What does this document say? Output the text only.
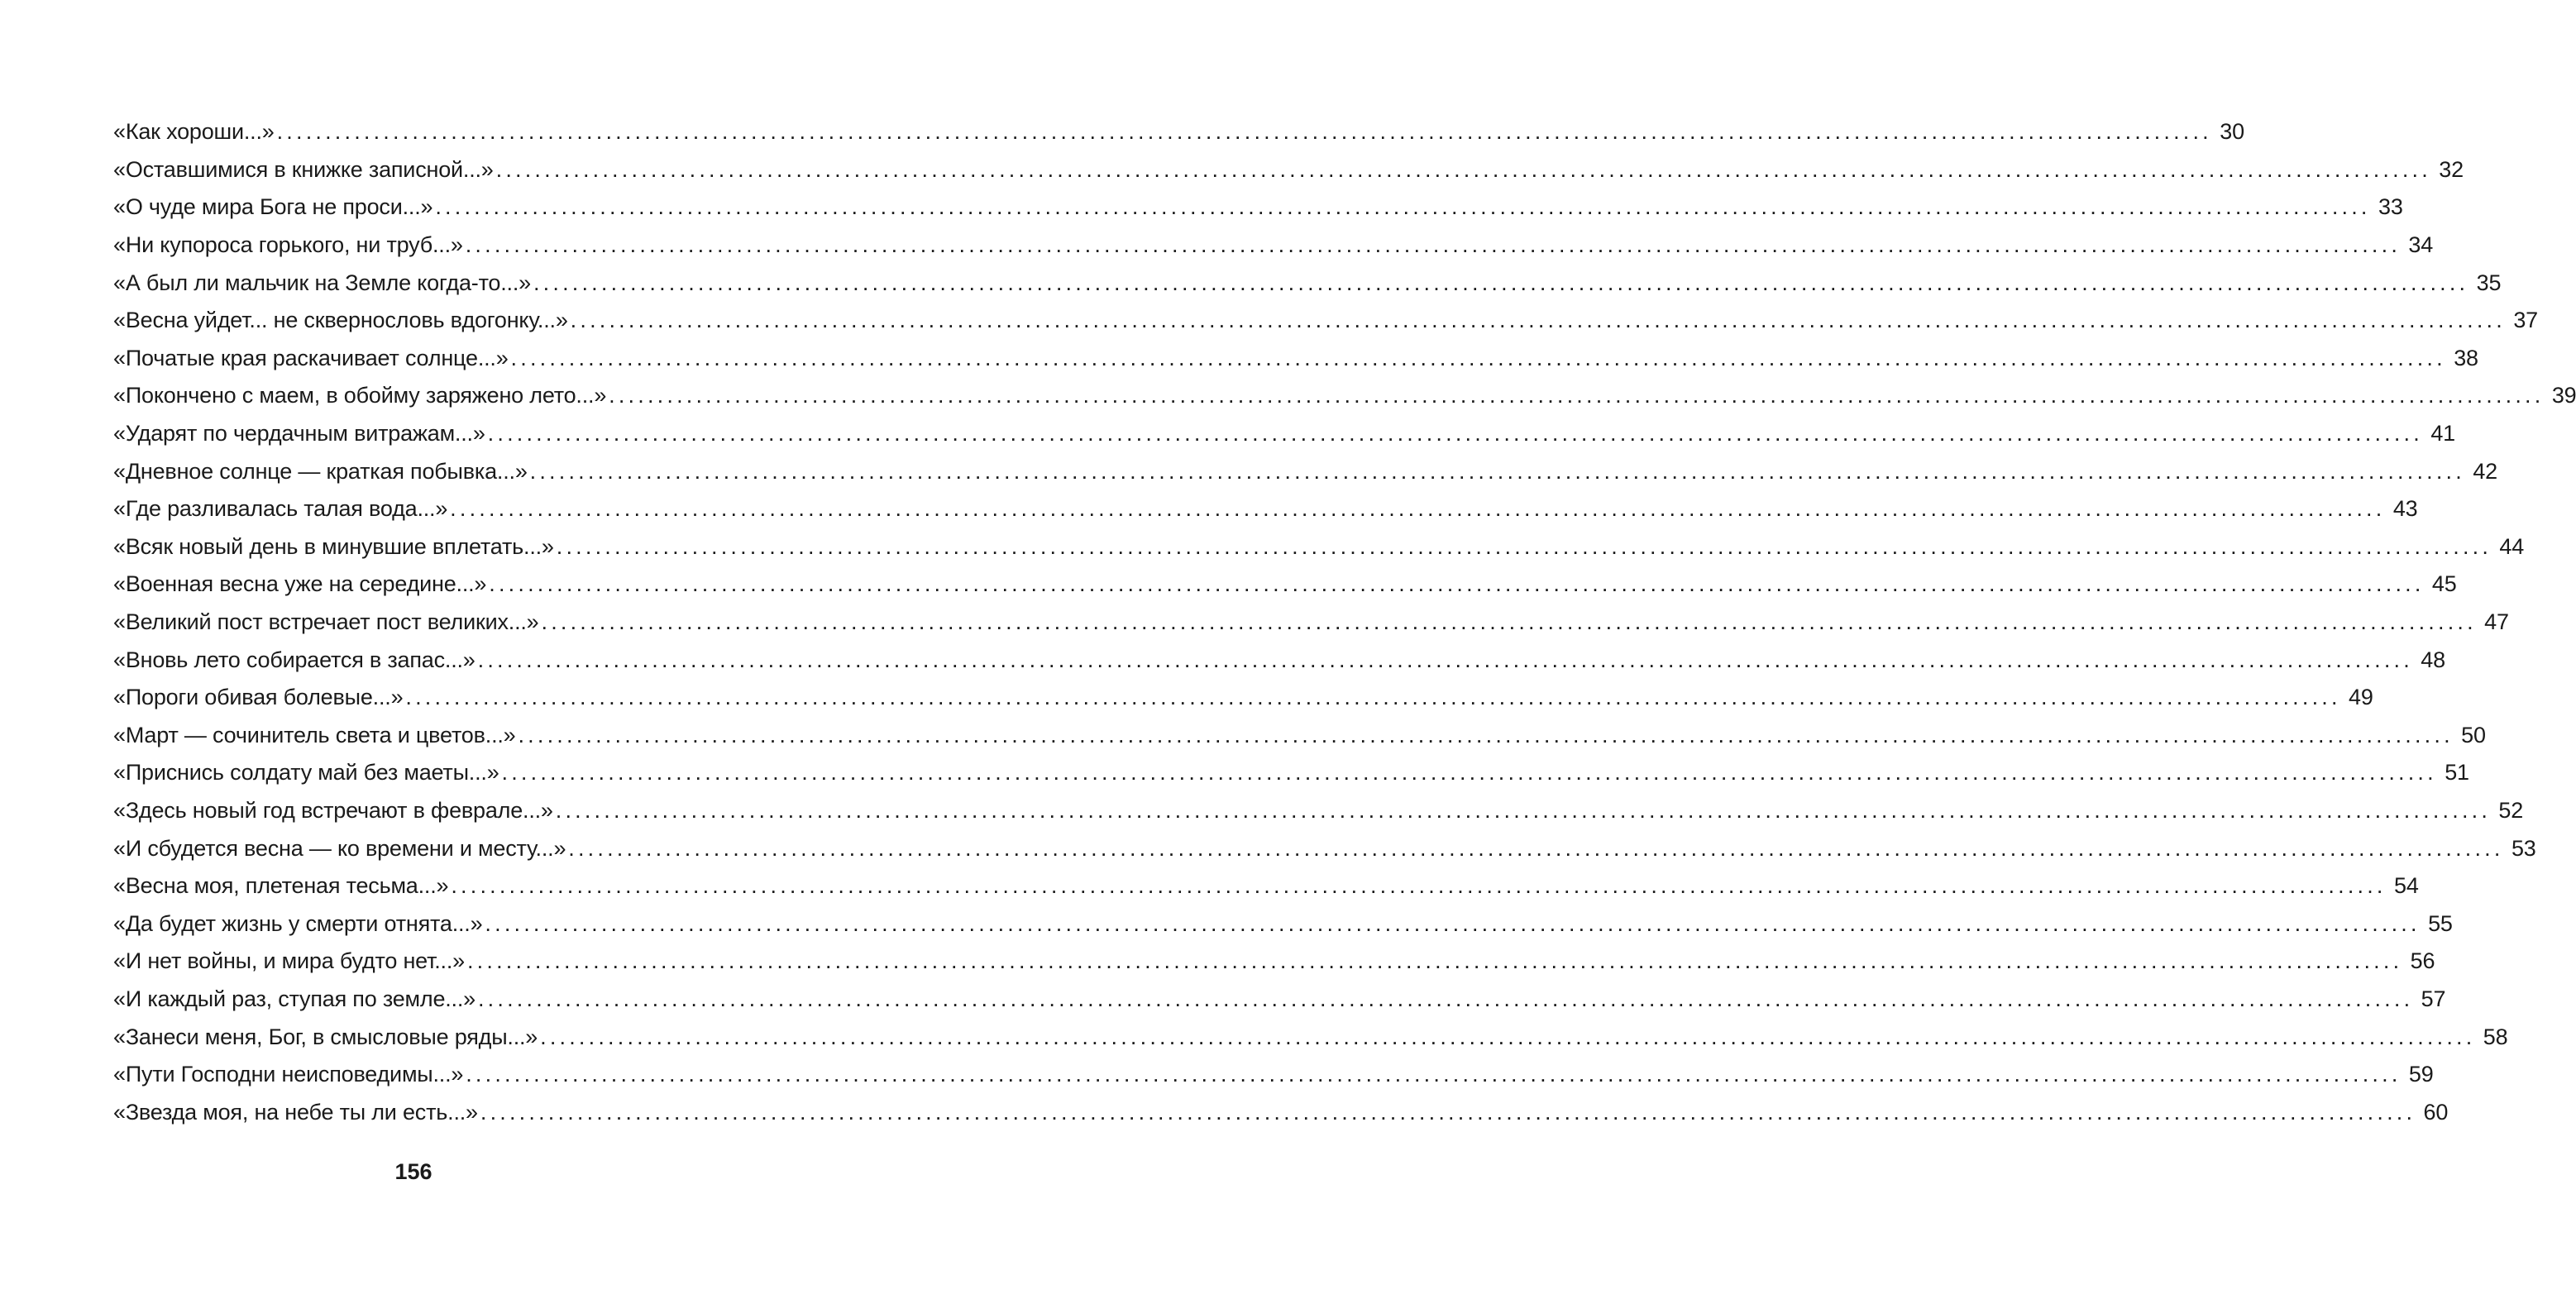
«Как хороши...» ........................................................................................................................................................................................................ 30
«Оставшимися в книжке записной...» ........................................................................................................................................................................................................ 32
«О чуде мира Бога не проси...» ........................................................................................................................................................................................................ 33
«Ни купороса горького, ни труб...» ........................................................................................................................................................................................................ 34
«А был ли мальчик на Земле когда-то...» ........................................................................................................................................................................................................ 35
«Весна уйдет... не сквернословь вдогонку...» ........................................................................................................................................................................................................ 37
«Початые края раскачивает солнце...» ........................................................................................................................................................................................................ 38
«Покончено с маем, в обойму заряжено лето...» ........................................................................................................................................................................................................ 39
«Ударят по чердачным витражам...» ........................................................................................................................................................................................................ 41
«Дневное солнце — краткая побывка...» ........................................................................................................................................................................................................ 42
«Где разливалась талая вода...» ........................................................................................................................................................................................................ 43
«Всяк новый день в минувшие вплетать...» ........................................................................................................................................................................................................ 44
«Военная весна уже на середине...» ........................................................................................................................................................................................................ 45
«Великий пост встречает пост великих...» ........................................................................................................................................................................................................ 47
«Вновь лето собирается в запас...» ........................................................................................................................................................................................................ 48
«Пороги обивая болевые...» ........................................................................................................................................................................................................ 49
«Март — сочинитель света и цветов...» ........................................................................................................................................................................................................ 50
«Приснись солдату май без маеты...» ........................................................................................................................................................................................................ 51
«Здесь новый год встречают в феврале...» ........................................................................................................................................................................................................ 52
«И сбудется весна — ко времени и месту...» ........................................................................................................................................................................................................ 53
«Весна моя, плетеная тесьма...» ........................................................................................................................................................................................................ 54
«Да будет жизнь у смерти отнята...» ........................................................................................................................................................................................................ 55
«И нет войны, и мира будто нет...» ........................................................................................................................................................................................................ 56
«И каждый раз, ступая по земле...» ........................................................................................................................................................................................................ 57
«Занеси меня, Бог, в смысловые ряды...» ........................................................................................................................................................................................................ 58
«Пути Господни неисповедимы...» ........................................................................................................................................................................................................ 59
«Звезда моя, на небе ты ли есть...» ........................................................................................................................................................................................................ 60
156
